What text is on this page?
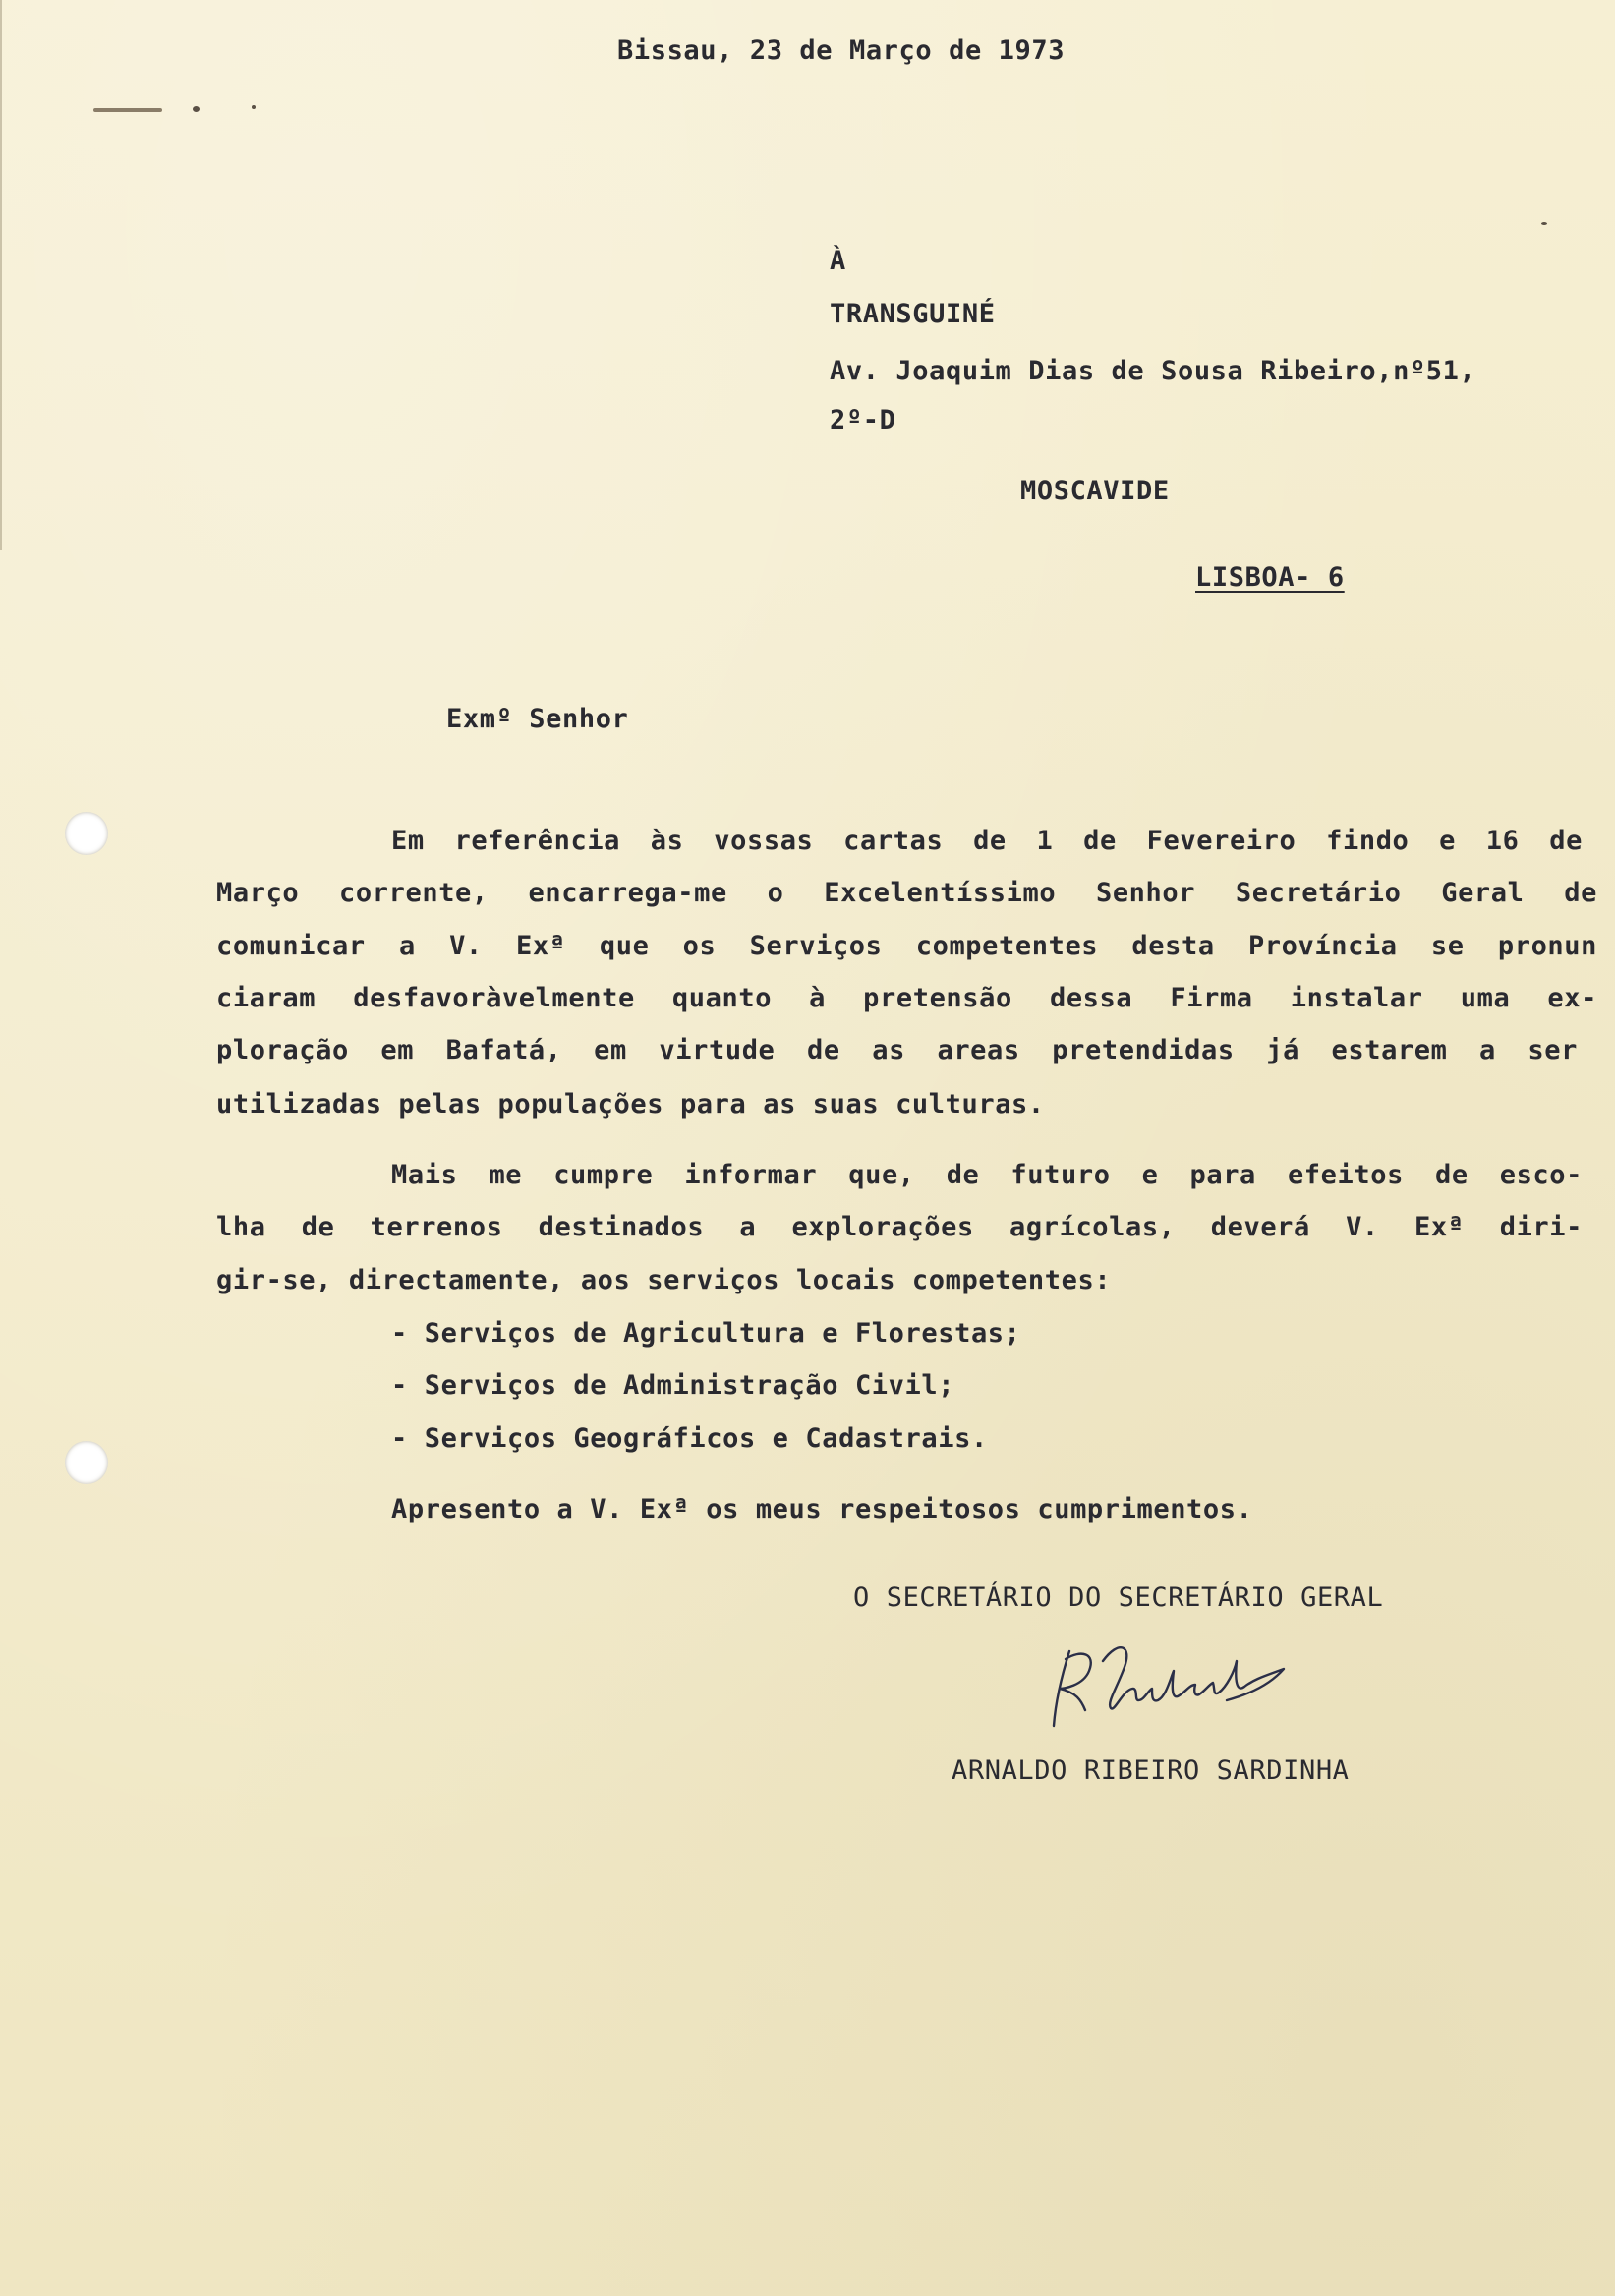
Bissau, 23 de Março de 1973
À
TRANSGUINÉ
Av. Joaquim Dias de Sousa Ribeiro,nº51,
2º-D
MOSCAVIDE
LISBOA- 6
Exmº Senhor
Em referência às vossas cartas de 1 de Fevereiro findo e 16 de
Março corrente, encarrega-me o Excelentíssimo Senhor Secretário Geral de
comunicar a V. Exª que os Serviços competentes desta Província se pronun
ciaram desfavoràvelmente quanto à pretensão dessa Firma instalar uma ex-
ploração em Bafatá, em virtude de as areas pretendidas já estarem a ser
utilizadas pelas populações para as suas culturas.
Mais me cumpre informar que, de futuro e para efeitos de esco-
lha de terrenos destinados a explorações agrícolas, deverá V. Exª diri-
gir-se, directamente, aos serviços locais competentes:
- Serviços de Agricultura e Florestas;
- Serviços de Administração Civil;
- Serviços Geográficos e Cadastrais.
Apresento a V. Exª os meus respeitosos cumprimentos.
O SECRETÁRIO DO SECRETÁRIO GERAL
ARNALDO RIBEIRO SARDINHA
